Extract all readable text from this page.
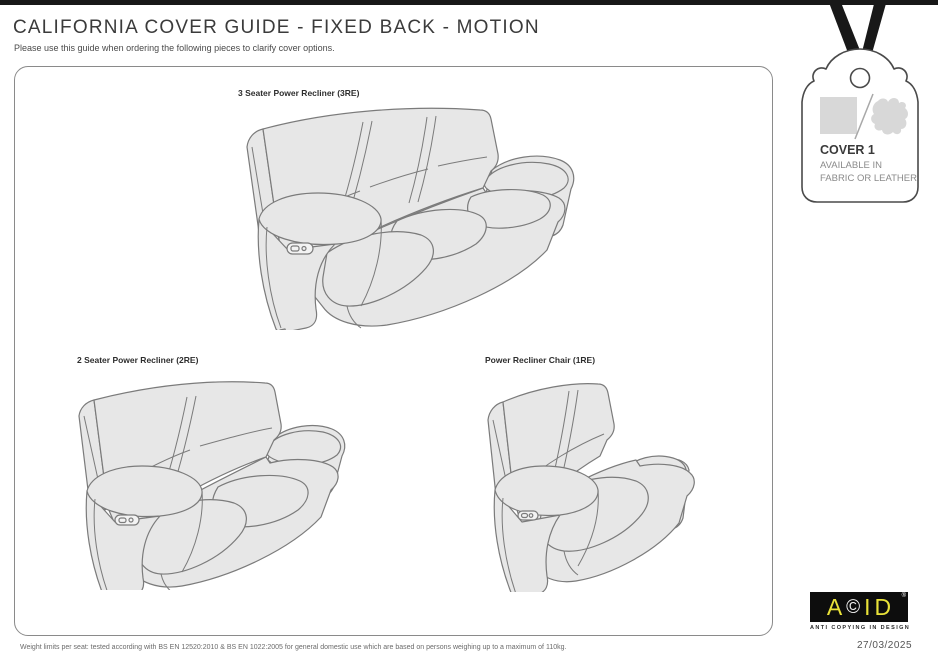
CALIFORNIA COVER GUIDE - FIXED BACK - MOTION
Please use this guide when ordering the following pieces to clarify cover options.
3 Seater Power Recliner (3RE)
2 Seater Power Recliner (2RE)	Power Recliner Chair (1RE)
COVER 1
AVAILABLE IN
FABRIC OR LEATHER
A © I D ®
ANTI COPYING IN DESIGN
27/03/2025
Weight limits per seat: tested according with BS EN 12520:2010 & BS EN 1022:2005 for general domestic use which are based on persons weighing up to a maximum of 110kg.
